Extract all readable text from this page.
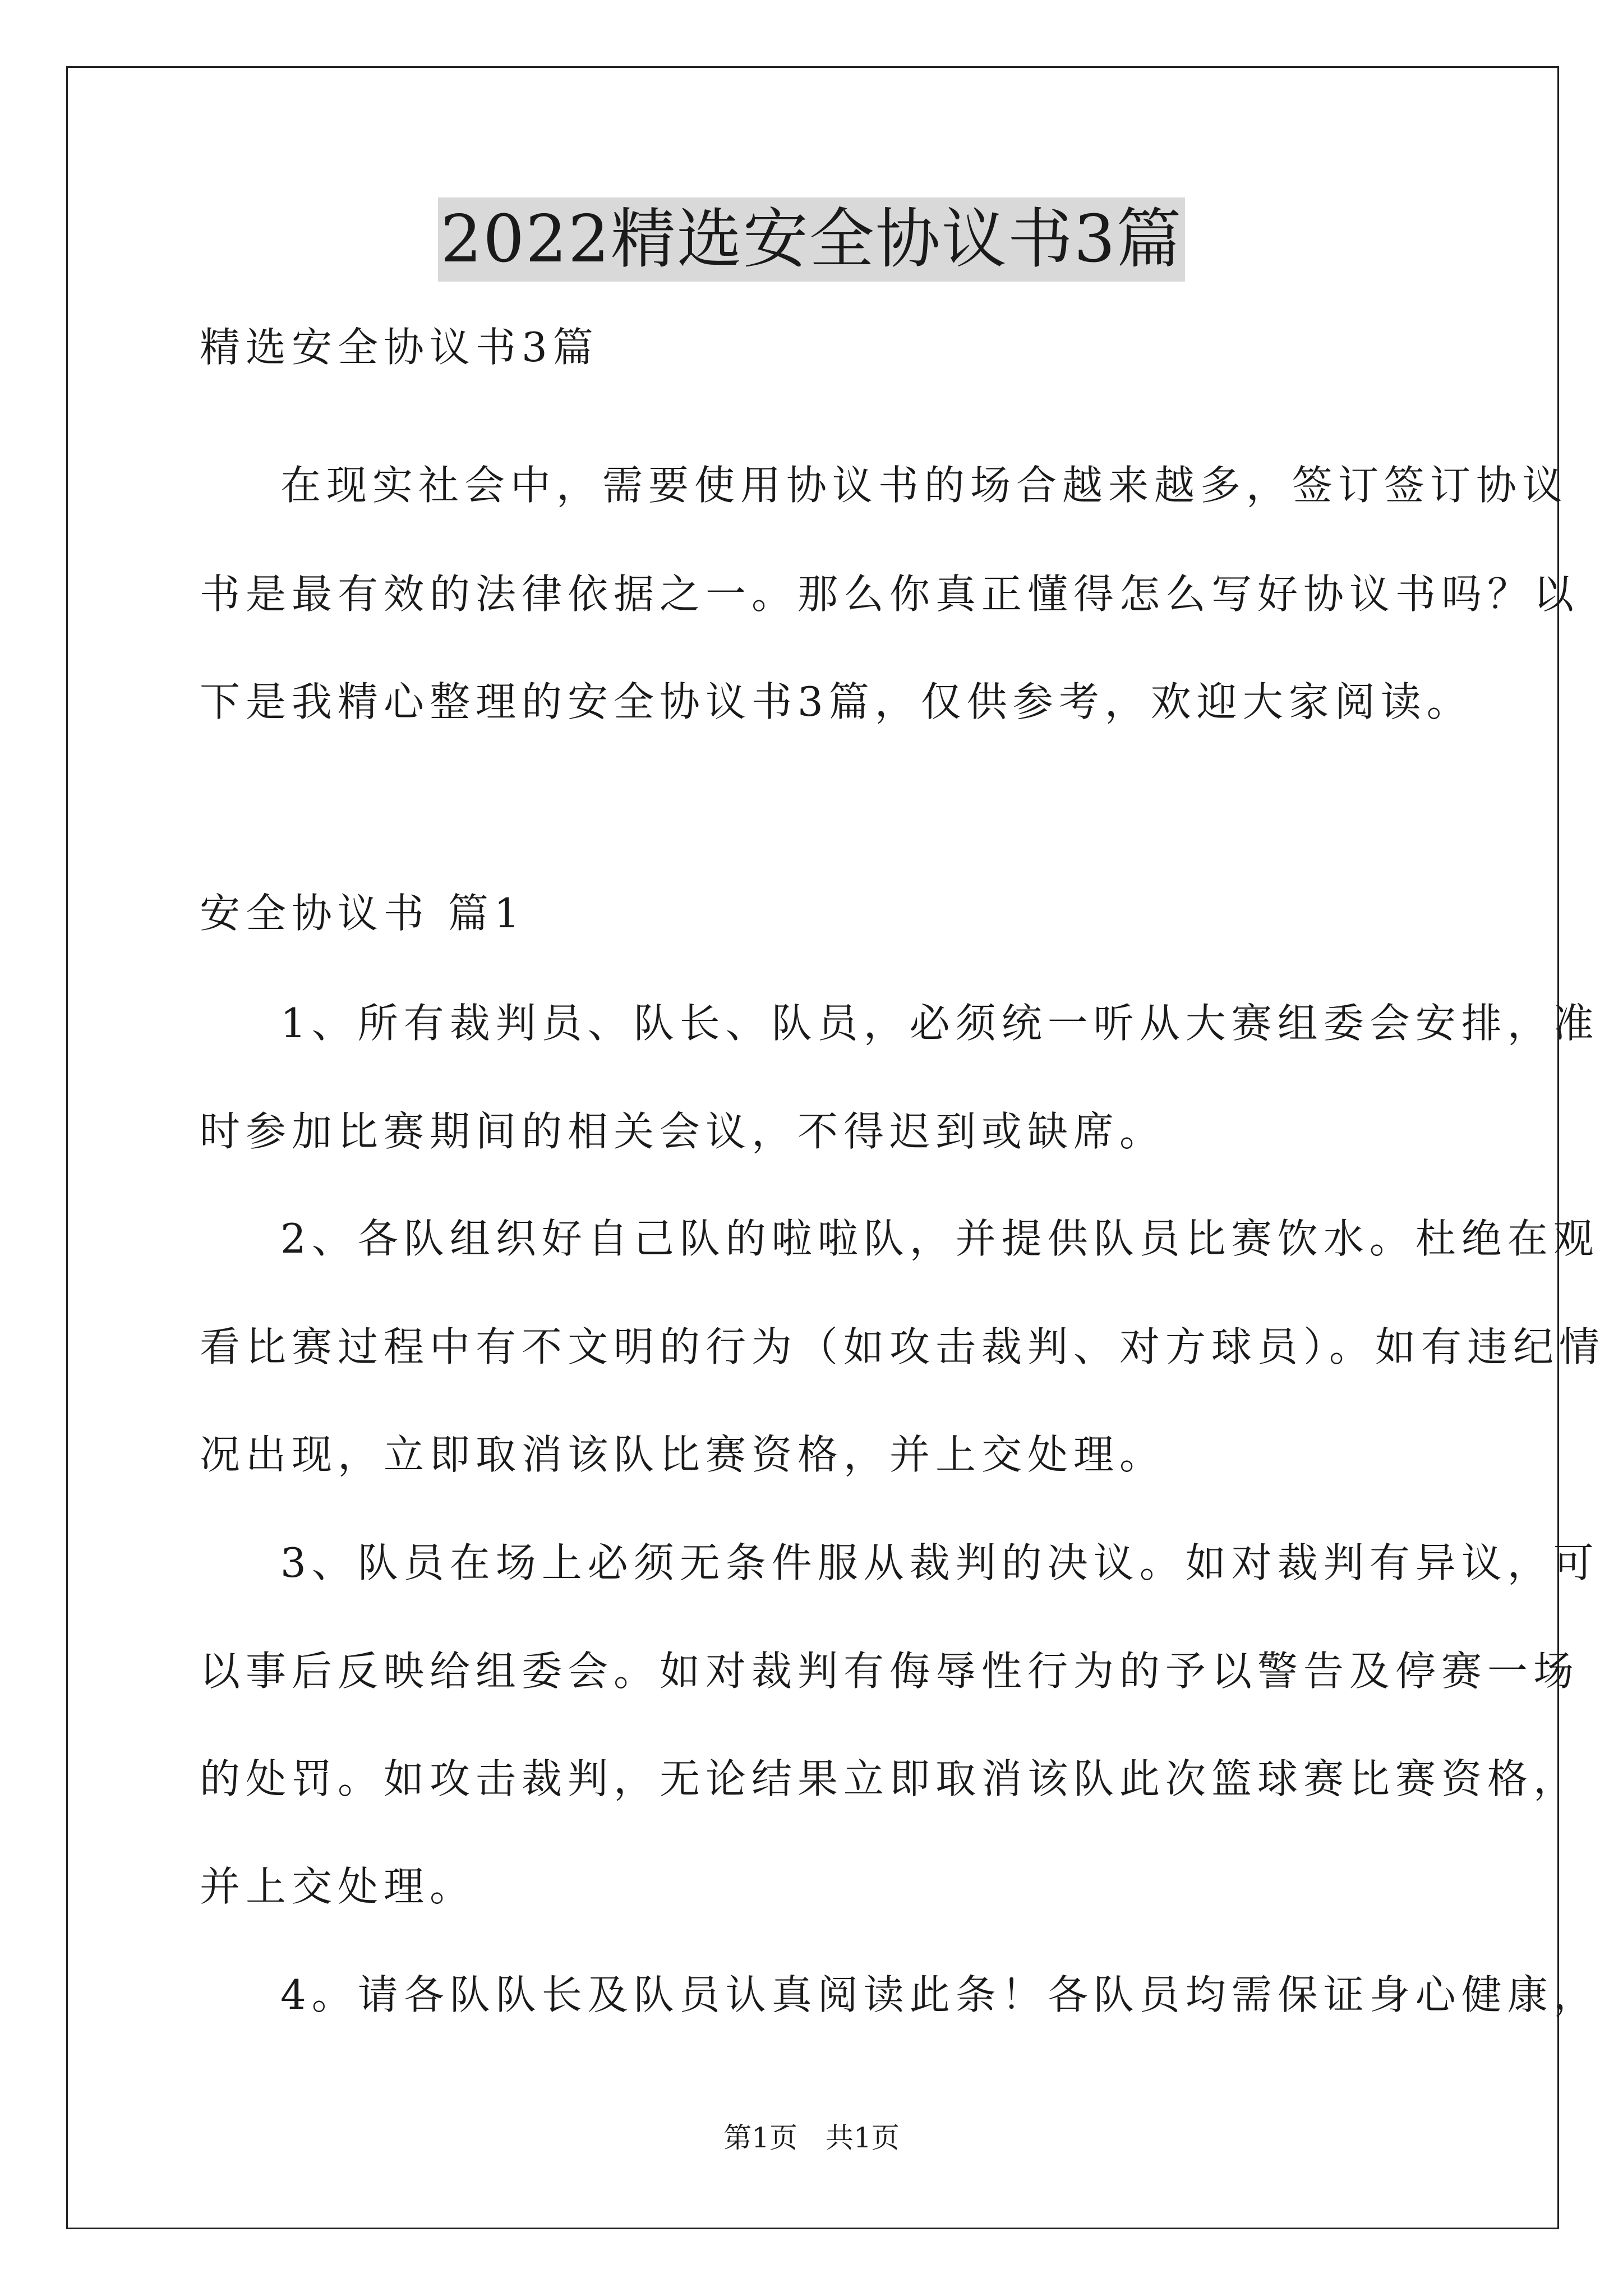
2022精选安全协议书3篇
精选安全协议书3篇
在现实社会中，需要使用协议书的场合越来越多，签订签订协议
书是最有效的法律依据之一。那么你真正懂得怎么写好协议书吗？以
下是我精心整理的安全协议书3篇，仅供参考，欢迎大家阅读。
安全协议书 篇1
1、所有裁判员、队长、队员，必须统一听从大赛组委会安排，准
时参加比赛期间的相关会议，不得迟到或缺席。
2、各队组织好自己队的啦啦队，并提供队员比赛饮水。杜绝在观
看比赛过程中有不文明的行为（如攻击裁判、对方球员）。如有违纪情
况出现，立即取消该队比赛资格，并上交处理。
3、队员在场上必须无条件服从裁判的决议。如对裁判有异议，可
以事后反映给组委会。如对裁判有侮辱性行为的予以警告及停赛一场
的处罚。如攻击裁判，无论结果立即取消该队此次篮球赛比赛资格，
并上交处理。
4。请各队队长及队员认真阅读此条！各队员均需保证身心健康，
第1页　共1页
